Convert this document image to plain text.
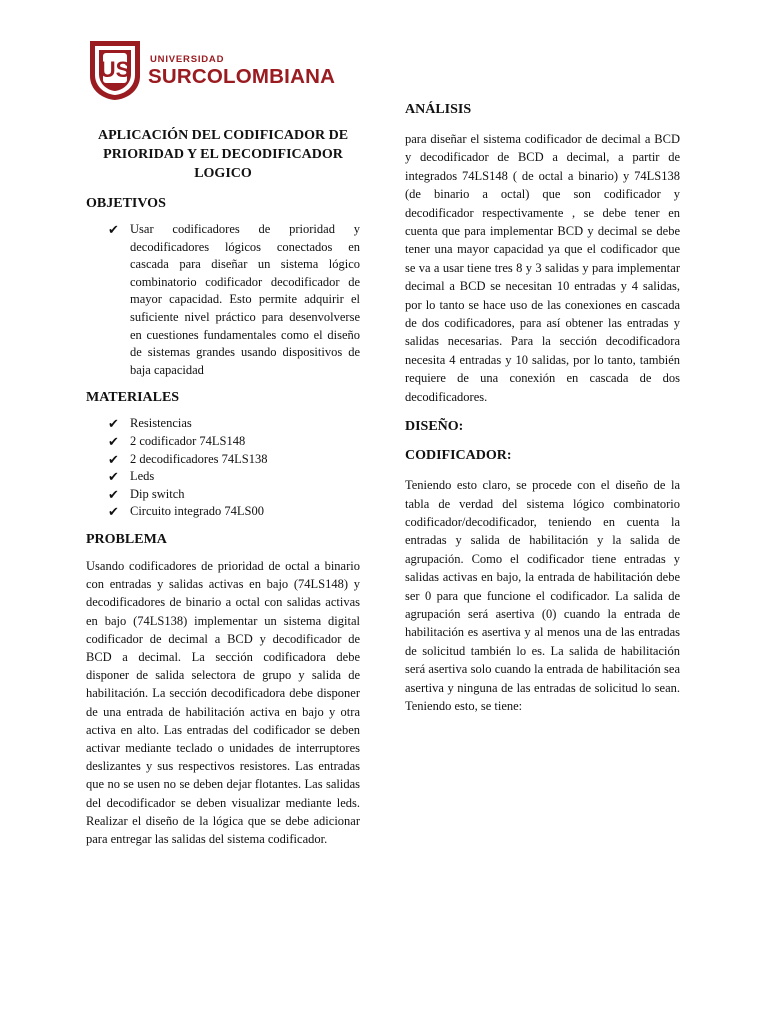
US UNIVERSIDAD
SURCOLOMBIANA
APLICACIÓN DEL CODIFICADOR DE PRIORIDAD Y EL DECODIFICADOR LOGICO
OBJETIVOS
✔ Usar codificadores de prioridad y decodificadores lógicos conectados en cascada para diseñar un sistema lógico combinatorio codificador decodificador de mayor capacidad. Esto permite adquirir el suficiente nivel práctico para desenvolverse en cuestiones fundamentales como el diseño de sistemas grandes usando dispositivos de baja capacidad
MATERIALES
✔ Resistencias
✔ 2 codificador 74LS148
✔ 2 decodificadores 74LS138
✔ Leds
✔ Dip switch
✔ Circuito integrado 74LS00
PROBLEMA

Usando codificadores de prioridad de octal a binario con entradas y salidas activas en bajo (74LS148) y decodificadores de binario a octal con salidas activas en bajo (74LS138) implementar un sistema digital codificador de decimal a BCD y decodificador de BCD a decimal. La sección codificadora debe disponer de salida selectora de grupo y salida de habilitación. La sección decodificadora debe disponer de una entrada de habilitación activa en bajo y otra activa en alto. Las entradas del codificador se deben activar mediante teclado o unidades de interruptores deslizantes y sus respectivos resistores. Las entradas que no se usen no se deben dejar flotantes. Las salidas del decodificador se deben visualizar mediante leds. Realizar el diseño de la lógica que se debe adicionar para entregar las salidas del sistema codificador.

ANÁLISIS

para diseñar el sistema codificador de decimal a BCD y decodificador de BCD a decimal, a partir de integrados 74LS148 ( de octal a binario) y 74LS138 (de binario a octal) que son codificador y decodificador respectivamente , se debe tener en cuenta que para implementar BCD y decimal se debe tener una mayor capacidad ya que el codificador que se va a usar tiene tres 8 y 3 salidas y para implementar decimal a BCD se necesitan 10 entradas y 4 salidas, por lo tanto se hace uso de las conexiones en cascada de dos codificadores, para así obtener las entradas y salidas necesarias. Para la sección decodificadora necesita 4 entradas y 10 salidas, por lo tanto, también requiere de una conexión en cascada de dos decodificadores.

DISEÑO:
CODIFICADOR:

Teniendo esto claro, se procede con el diseño de la tabla de verdad del sistema lógico combinatorio codificador/decodificador, teniendo en cuenta la entradas y salida de habilitación y la salida de agrupación. Como el codificador tiene entradas y salidas activas en bajo, la entrada de habilitación debe ser 0 para que funcione el codificador. La salida de agrupación será asertiva (0) cuando la entrada de habilitación es asertiva y al menos una de las entradas de solicitud también lo es. La salida de habilitación será asertiva solo cuando la entrada de habilitación sea asertiva y ninguna de las entradas de solicitud lo sean. Teniendo esto, se tiene:
